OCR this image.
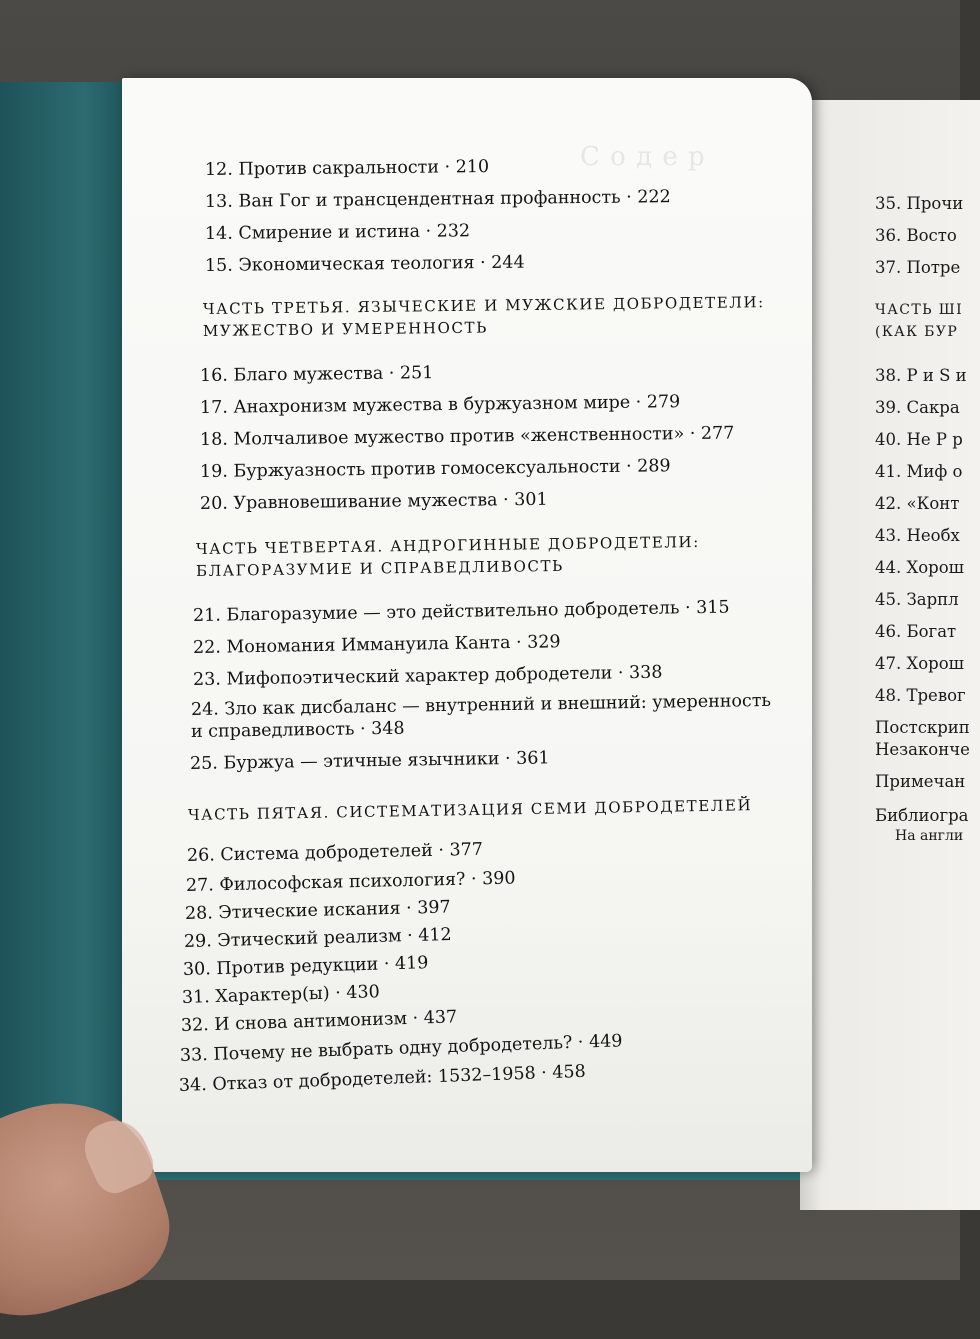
С о д е р
12. Против сакральности · 210
13. Ван Гог и трансцендентная профанность · 222
14. Смирение и истина · 232
15. Экономическая теология · 244
ЧАСТЬ ТРЕТЬЯ. ЯЗЫЧЕСКИЕ И МУЖСКИЕ ДОБРОДЕТЕЛИ:
МУЖЕСТВО И УМЕРЕННОСТЬ
16. Благо мужества · 251
17. Анахронизм мужества в буржуазном мире · 279
18. Молчаливое мужество против «женственности» · 277
19. Буржуазность против гомосексуальности · 289
20. Уравновешивание мужества · 301
ЧАСТЬ ЧЕТВЕРТАЯ. АНДРОГИННЫЕ ДОБРОДЕТЕЛИ:
БЛАГОРАЗУМИЕ И СПРАВЕДЛИВОСТЬ
21. Благоразумие — это действительно добродетель · 315
22. Мономания Иммануила Канта · 329
23. Мифопоэтический характер добродетели · 338
24. Зло как дисбаланс — внутренний и внешний: умеренность
и справедливость · 348
25. Буржуа — этичные язычники · 361
ЧАСТЬ ПЯТАЯ. СИСТЕМАТИЗАЦИЯ СЕМИ ДОБРОДЕТЕЛЕЙ
26. Система добродетелей · 377
27. Философская психология? · 390
28. Этические искания · 397
29. Этический реализм · 412
30. Против редукции · 419
31. Характер(ы) · 430
32. И снова антимонизм · 437
33. Почему не выбрать одну добродетель? · 449
34. Отказ от добродетелей: 1532–1958 · 458
35. Прочи
36. Восто
37. Потре
ЧАСТЬ ШІ
(КАК БУР
38. P и S и
39. Сакра
40. Не P р
41. Миф о
42. «Конт
43. Необх
44. Хорош
45. Зарпл
46. Богат
47. Хорош
48. Тревог
Постскрип
Незаконче
Примечан
Библиогра
На англи
